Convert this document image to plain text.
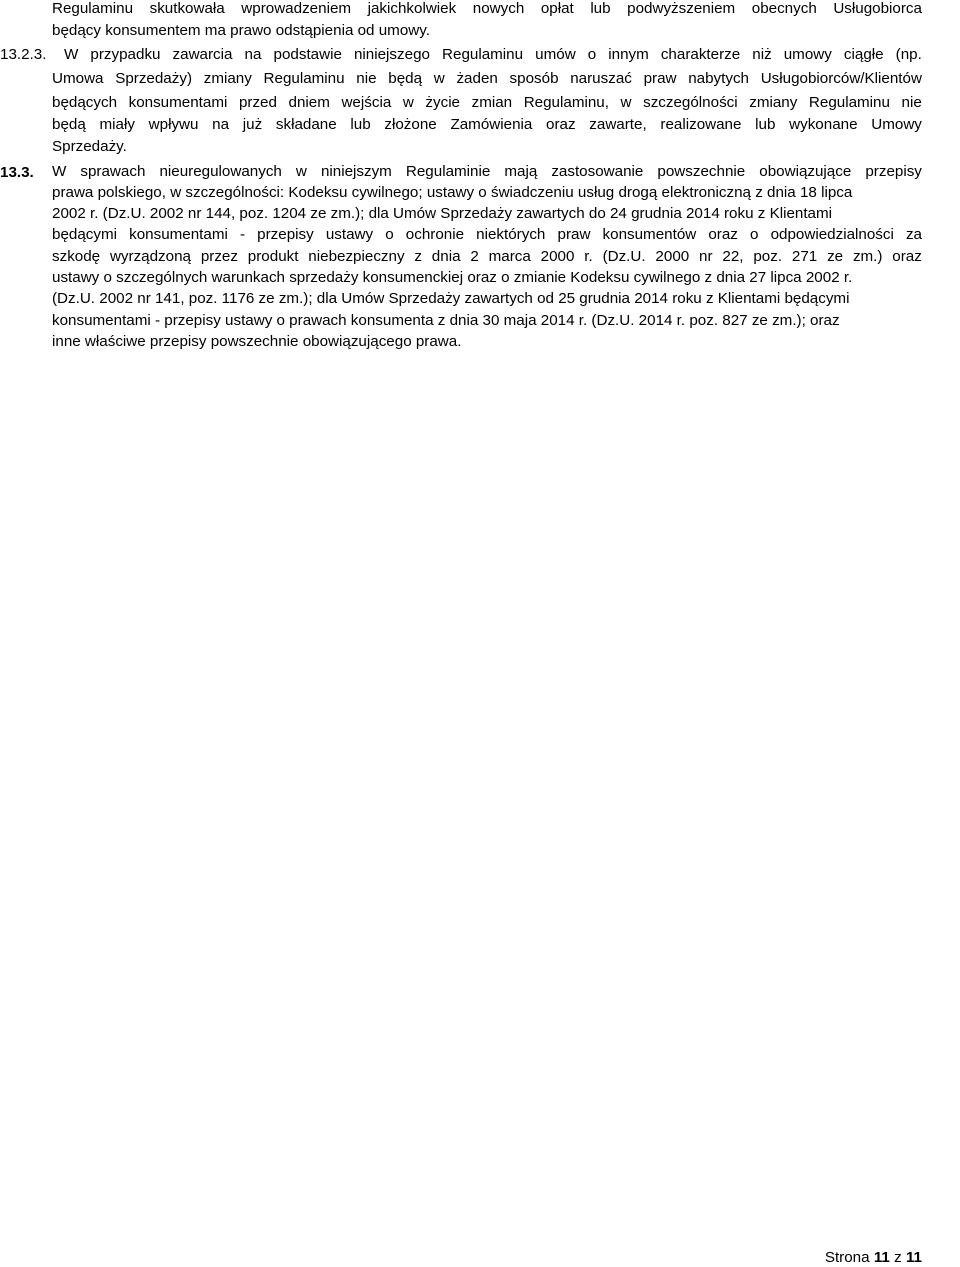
Regulaminu skutkowała wprowadzeniem jakichkolwiek nowych opłat lub podwyższeniem obecnych Usługobiorca
będący konsumentem ma prawo odstąpienia od umowy.
13.2.3. W przypadku zawarcia na podstawie niniejszego Regulaminu umów o innym charakterze niż umowy ciągłe (np.
Umowa Sprzedaży) zmiany Regulaminu nie będą w żaden sposób naruszać praw nabytych Usługobiorców/Klientów
będących konsumentami przed dniem wejścia w życie zmian Regulaminu, w szczególności zmiany Regulaminu nie
będą miały wpływu na już składane lub złożone Zamówienia oraz zawarte, realizowane lub wykonane Umowy
Sprzedaży.
13.3. W sprawach nieuregulowanych w niniejszym Regulaminie mają zastosowanie powszechnie obowiązujące przepisy
prawa polskiego, w szczególności: Kodeksu cywilnego; ustawy o świadczeniu usług drogą elektroniczną z dnia 18 lipca
2002 r. (Dz.U. 2002 nr 144, poz. 1204 ze zm.); dla Umów Sprzedaży zawartych do 24 grudnia 2014 roku z Klientami
będącymi konsumentami - przepisy ustawy o ochronie niektórych praw konsumentów oraz o odpowiedzialności za
szkodę wyrządzoną przez produkt niebezpieczny z dnia 2 marca 2000 r. (Dz.U. 2000 nr 22, poz. 271 ze zm.) oraz
ustawy o szczególnych warunkach sprzedaży konsumenckiej oraz o zmianie Kodeksu cywilnego z dnia 27 lipca 2002 r.
(Dz.U. 2002 nr 141, poz. 1176 ze zm.); dla Umów Sprzedaży zawartych od 25 grudnia 2014 roku z Klientami będącymi
konsumentami - przepisy ustawy o prawach konsumenta z dnia 30 maja 2014 r. (Dz.U. 2014 r. poz. 827 ze zm.); oraz
inne właściwe przepisy powszechnie obowiązującego prawa.
Strona 11 z 11
